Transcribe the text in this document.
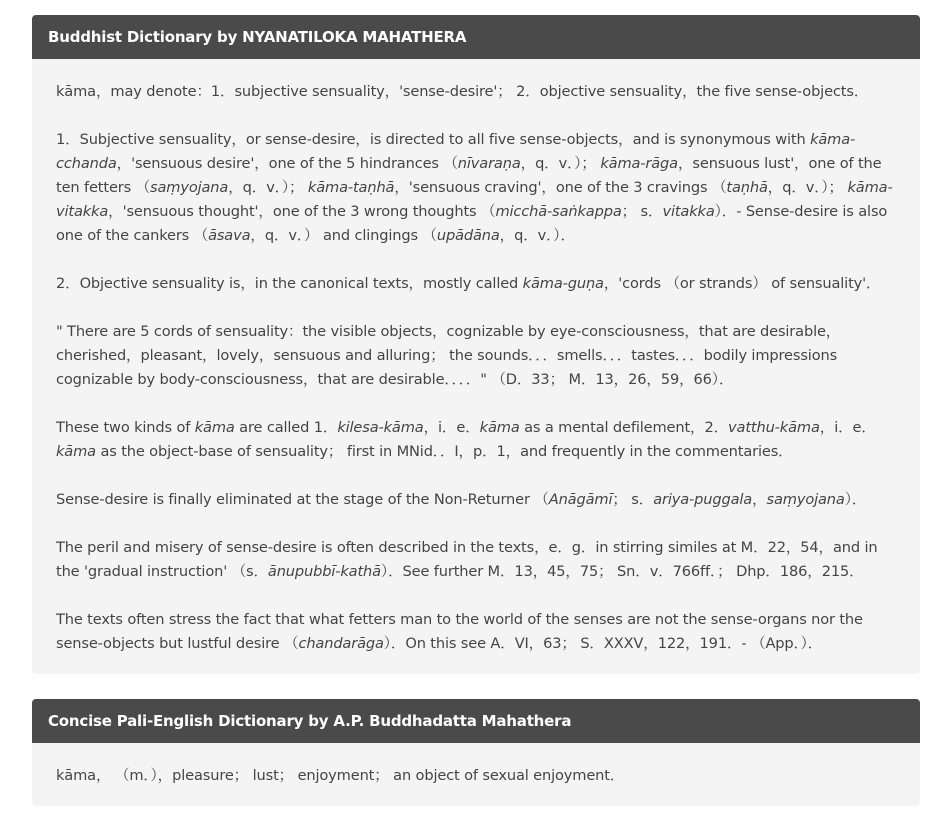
Buddhist Dictionary by NYANATILOKA MAHATHERA

kāma，may denote：1．subjective sensuality，'sense-desire'； 2．objective sensuality，the five sense-objects．

1．Subjective sensuality，or sense-desire，is directed to all five sense-objects，and is synonymous with kāma-cchanda，'sensuous desire'，one of the 5 hindrances （nīvaraṇa，q．v．）； kāma-rāga，sensuous lust'，one of the ten fetters （saṃyojana，q．v．）； kāma-taṇhā，'sensuous craving'，one of the 3 cravings （taṇhā，q．v．）； kāma-vitakka，'sensuous thought'，one of the 3 wrong thoughts （micchā-saṅkappa； s．vitakka）．- Sense-desire is also one of the cankers （āsava，q．v．） and clingings （upādāna，q．v．）．

2．Objective sensuality is，in the canonical texts，mostly called kāma-guṇa，'cords （or strands） of sensuality'．

" There are 5 cords of sensuality：the visible objects，cognizable by eye-consciousness，that are desirable，cherished，pleasant，lovely，sensuous and alluring； the sounds．．．smells．．．tastes．．．bodily impressions cognizable by body-consciousness，that are desirable．．．．" （D．33； M．13，26，59，66）．

These two kinds of kāma are called 1．kilesa-kāma，i．e．kāma as a mental defilement，2．vatthu-kāma，i．e．kāma as the object-base of sensuality； first in MNid．．I，p．1，and frequently in the commentaries．

Sense-desire is finally eliminated at the stage of the Non-Returner （Anāgāmī； s．ariya-puggala，saṃyojana）．

The peril and misery of sense-desire is often described in the texts，e．g．in stirring similes at M．22，54，and in the 'gradual instruction' （s．ānupubbī-kathā）．See further M．13，45，75； Sn．v．766ff．； Dhp．186，215．

The texts often stress the fact that what fetters man to the world of the senses are not the sense-organs nor the sense-objects but lustful desire （chandarāga）．On this see A．VI，63； S．XXXV，122，191．- （App．）．

Concise Pali-English Dictionary by A.P. Buddhadatta Mahathera

kāma， （m．），pleasure； lust； enjoyment； an object of sexual enjoyment．
